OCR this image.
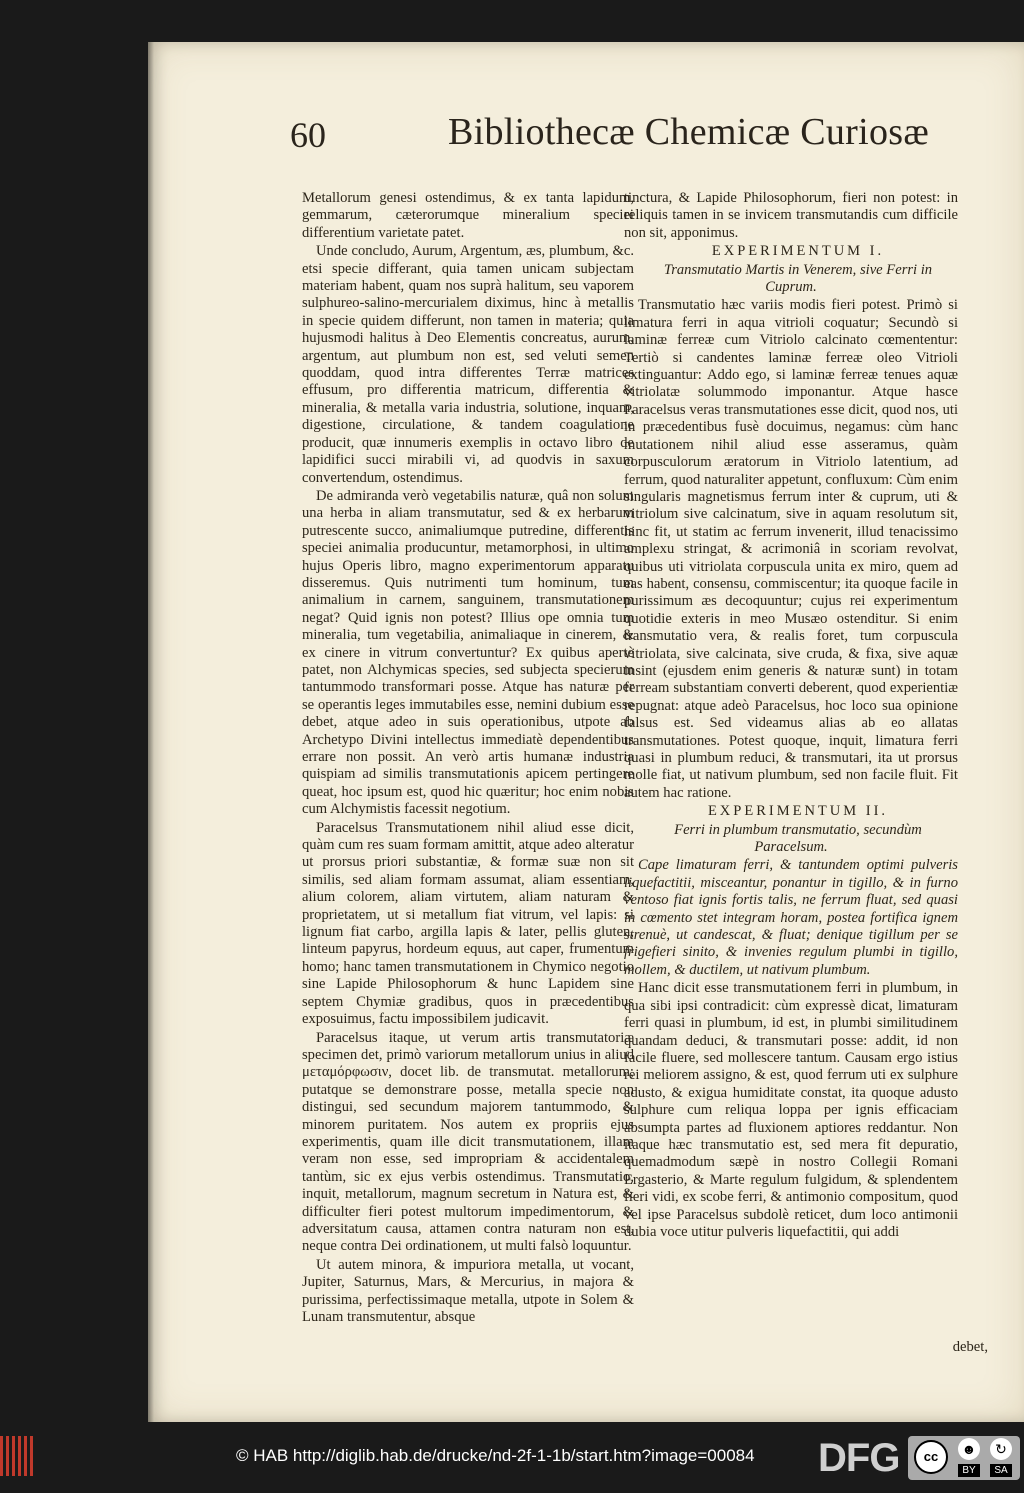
60	Bibliothecæ Chemicæ Curiosæ

Metallorum genesi ostendimus, & ex tanta lapidum, gemmarum, cæterorumque mineralium speciei differentium varietate patet.

Unde concludo, Aurum, Argentum, æs, plumbum, &c. etsi specie differant, quia tamen unicam subjectam materiam habent, quam nos suprà halitum, seu vaporem sulphureo-salino-mercurialem diximus, hinc à metallis in specie quidem differunt, non tamen in materia; quia hujusmodi halitus à Deo Elementis concreatus, aurum, argentum, aut plumbum non est, sed veluti semen quoddam, quod intra differentes Terræ matrices effusum, pro differentia matricum, differentia & mineralia, & metalla varia industria, solutione, inquam, digestione, circulatione, & tandem coagulatione producit, quæ innumeris exemplis in octavo libro de lapidifici succi mirabili vi, ad quodvis in saxum convertendum, ostendimus.

De admiranda verò vegetabilis naturæ, quâ non solum una herba in aliam transmutatur, sed & ex herbarum putrescente succo, animaliumque putredine, differentis speciei animalia producuntur, metamorphosi, in ultimo hujus Operis libro, magno experimentorum apparatu disseremus. Quis nutrimenti tum hominum, tum animalium in carnem, sanguinem, transmutationem negat? Quid ignis non potest? Illius ope omnia tum mineralia, tum vegetabilia, animaliaque in cinerem, & ex cinere in vitrum convertuntur? Ex quibus apertè patet, non Alchymicas species, sed subjecta specierum tantummodo transformari posse. Atque has naturæ per se operantis leges immutabiles esse, nemini dubium esse debet, atque adeo in suis operationibus, utpote ab Archetypo Divini intellectus immediatè dependentibus errare non possit. An verò artis humanæ industria quispiam ad similis transmutationis apicem pertingere queat, hoc ipsum est, quod hic quæritur; hoc enim nobis cum Alchymistis facessit negotium.

Paracelsus Transmutationem nihil aliud esse dicit, quàm cum res suam formam amittit, atque adeo alteratur ut prorsus priori substantiæ, & formæ suæ non sit similis, sed aliam formam assumat, aliam essentiam, alium colorem, aliam virtutem, aliam naturam & proprietatem, ut si metallum fiat vitrum, vel lapis: si lignum fiat carbo, argilla lapis & later, pellis gluten, linteum papyrus, hordeum equus, aut caper, frumentum homo; hanc tamen transmutationem in Chymico negotio sine Lapide Philosophorum & hunc Lapidem sine septem Chymiæ gradibus, quos in præcedentibus exposuimus, factu impossibilem judicavit.

Paracelsus itaque, ut verum artis transmutatoriæ specimen det, primò variorum metallorum unius in aliud μεταμόρφωσιν, docet lib. de transmutat. metallorum; putatque se demonstrare posse, metalla specie non distingui, sed secundum majorem tantummodo, & minorem puritatem. Nos autem ex propriis ejus experimentis, quam ille dicit transmutationem, illam veram non esse, sed impropriam & accidentalem tantùm, sic ex ejus verbis ostendimus. Transmutatio, inquit, metallorum, magnum secretum in Natura est, & difficulter fieri potest multorum impedimentorum, & adversitatum causa, attamen contra naturam non est, neque contra Dei ordinationem, ut multi falsò loquuntur.

Ut autem minora, & impuriora metalla, ut vocant, Jupiter, Saturnus, Mars, & Mercurius, in majora & purissima, perfectissimaque metalla, utpote in Solem & Lunam transmutentur, absque

tinctura, & Lapide Philosophorum, fieri non potest: in reliquis tamen in se invicem transmutandis cum difficile non sit, apponimus.

EXPERIMENTUM I.

Transmutatio Martis in Venerem, sive Ferri in Cuprum.

Transmutatio hæc variis modis fieri potest. Primò si limatura ferri in aqua vitrioli coquatur; Secundò si laminæ ferreæ cum Vitriolo calcinato cœmententur: Tertiò si candentes laminæ ferreæ oleo Vitrioli extinguantur: Addo ego, si laminæ ferreæ tenues aquæ vitriolatæ solummodo imponantur. Atque hasce Paracelsus veras transmutationes esse dicit, quod nos, uti in præcedentibus fusè docuimus, negamus: cùm hanc mutationem nihil aliud esse asseramus, quàm corpusculorum æratorum in Vitriolo latentium, ad ferrum, quod naturaliter appetunt, confluxum: Cùm enim singularis magnetismus ferrum inter & cuprum, uti & vitriolum sive calcinatum, sive in aquam resolutum sit, hinc fit, ut statim ac ferrum invenerit, illud tenacissimo amplexu stringat, & acrimoniâ in scoriam revolvat, quibus uti vitriolata corpuscula unita ex miro, quem ad eas habent, consensu, commiscentur; ita quoque facile in purissimum æs decoquuntur; cujus rei experimentum quotidie exteris in meo Musæo ostenditur. Si enim transmutatio vera, & realis foret, tum corpuscula vitriolata, sive calcinata, sive cruda, & fixa, sive aquæ insint (ejusdem enim generis & naturæ sunt) in totam ferream substantiam converti deberent, quod experientiæ repugnat: atque adeò Paracelsus, hoc loco sua opinione falsus est. Sed videamus alias ab eo allatas transmutationes. Potest quoque, inquit, limatura ferri quasi in plumbum reduci, & transmutari, ita ut prorsus molle fiat, ut nativum plumbum, sed non facile fluit. Fit autem hac ratione.

EXPERIMENTUM II.

Ferri in plumbum transmutatio, secundùm Paracelsum.

Cape limaturam ferri, & tantundem optimi pulveris liquefactitii, misceantur, ponantur in tigillo, & in furno ventoso fiat ignis fortis talis, ne ferrum fluat, sed quasi in cœmento stet integram horam, postea fortifica ignem strenuè, ut candescat, & fluat; denique tigillum per se frigefieri sinito, & invenies regulum plumbi in tigillo, mollem, & ductilem, ut nativum plumbum.

Hanc dicit esse transmutationem ferri in plumbum, in qua sibi ipsi contradicit: cùm expressè dicat, limaturam ferri quasi in plumbum, id est, in plumbi similitudinem quandam deduci, & transmutari posse: addit, id non facile fluere, sed mollescere tantum. Causam ergo istius rei meliorem assigno, & est, quod ferrum uti ex sulphure adusto, & exigua humiditate constat, ita quoque adusto sulphure cum reliqua loppa per ignis efficaciam absumpta partes ad fluxionem aptiores reddantur. Non itaque hæc transmutatio est, sed mera fit depuratio, quemadmodum sæpè in nostro Collegii Romani Ergasterio, & Marte regulum fulgidum, & splendentem fieri vidi, ex scobe ferri, & antimonio compositum, quod vel ipse Paracelsus subdolè reticet, dum loco antimonii dubia voce utitur pulveris liquefactitii, qui addi

debet,

© HAB http://diglib.hab.de/drucke/nd-2f-1-1b/start.htm?image=00084 DFG	cc	☻	↻
BY	SA
